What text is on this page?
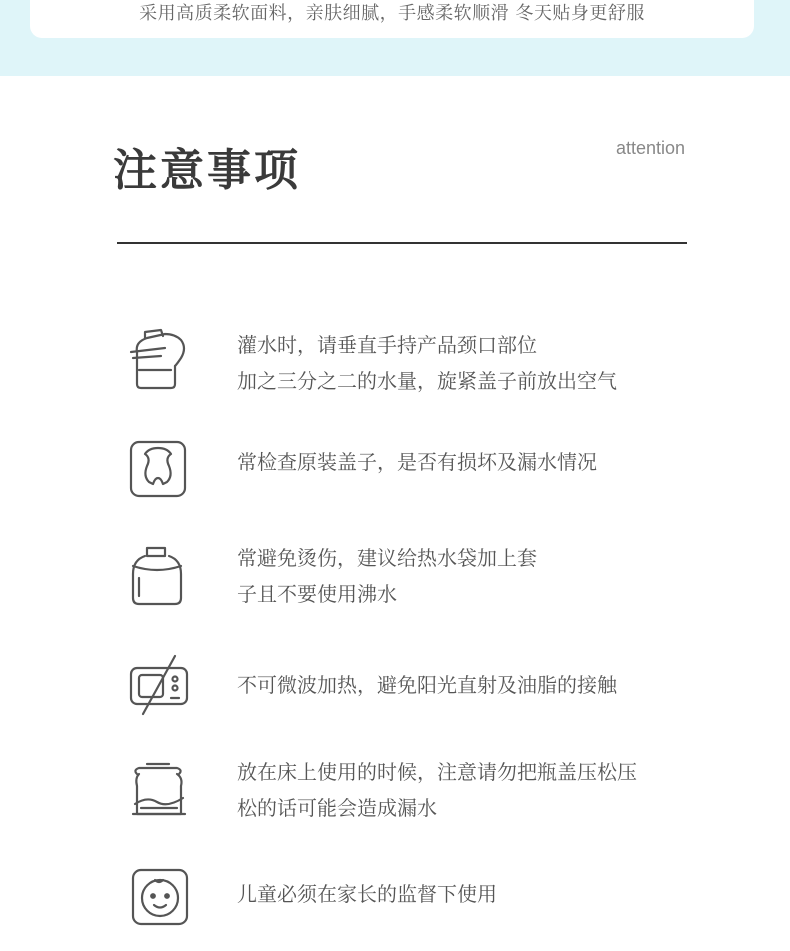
采用高质柔软面料，亲肤细腻，手感柔软顺滑 冬天贴身更舒服
注意事项	attention
灌水时，请垂直手持产品颈口部位
加之三分之二的水量，旋紧盖子前放出空气
常检查原装盖子，是否有损坏及漏水情况
常避免烫伤，建议给热水袋加上套
子且不要使用沸水
不可微波加热，避免阳光直射及油脂的接触
放在床上使用的时候，注意请勿把瓶盖压松压
松的话可能会造成漏水
儿童必须在家长的监督下使用
